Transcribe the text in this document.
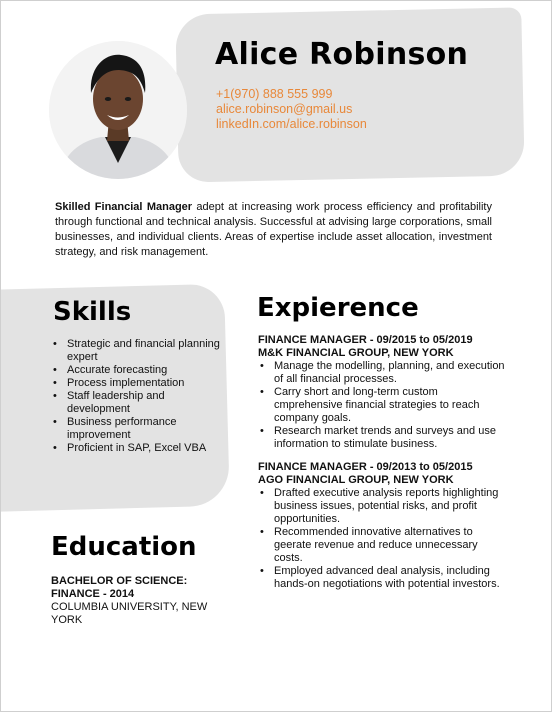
Alice Robinson
+1(970) 888 555 999
alice.robinson@gmail.us
linkedIn.com/alice.robinson

Skilled Financial Manager adept at increasing work process efficiency and profitability through functional and technical analysis. Successful at advising large corporations, small businesses, and individual clients. Areas of expertise include asset allocation, investment strategy, and risk management.

Skills
• Strategic and financial planning expert
• Accurate forecasting
• Process implementation
• Staff leadership and development
• Business performance improvement
• Proficient in SAP, Excel VBA
Education
BACHELOR OF SCIENCE: FINANCE - 2014
COLUMBIA UNIVERSITY, NEW YORK
Expierence
FINANCE MANAGER - 09/2015 to 05/2019
M&K FINANCIAL GROUP, NEW YORK
• Manage the modelling, planning, and execution of all financial processes.
• Carry short and long-term custom cmprehensive financial strategies to reach company goals.
• Research market trends and surveys and use information to stimulate business.
FINANCE MANAGER - 09/2013 to 05/2015
AGO FINANCIAL GROUP, NEW YORK
• Drafted executive analysis reports highlighting business issues, potential risks, and profit opportunities.
• Recommended innovative alternatives to geerate revenue and reduce unnecessary costs.
• Employed advanced deal analysis, including hands-on negotiations with potential investors.
